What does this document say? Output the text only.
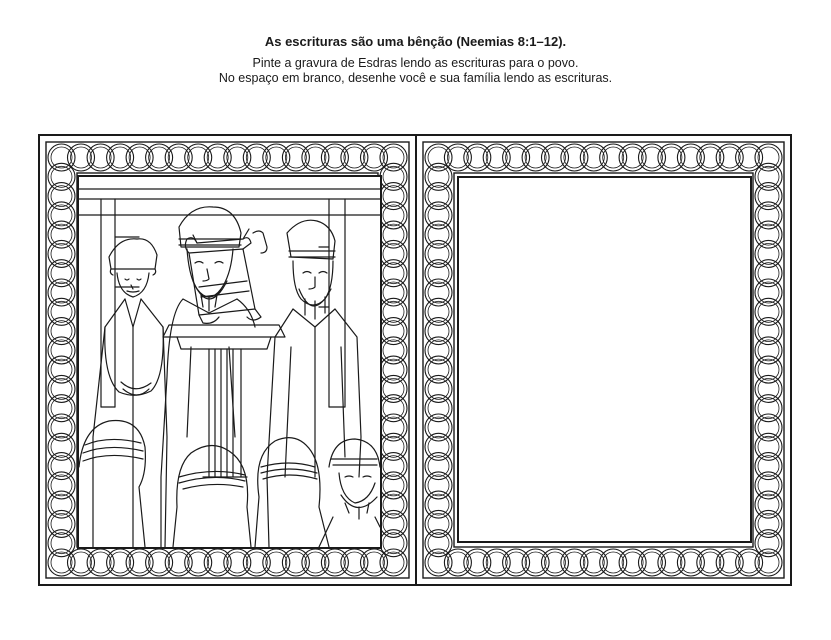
As escrituras são uma bênção (Neemias 8:1–12).
Pinte a gravura de Esdras lendo as escrituras para o povo.
No espaço em branco, desenhe você e sua família lendo as escrituras.
